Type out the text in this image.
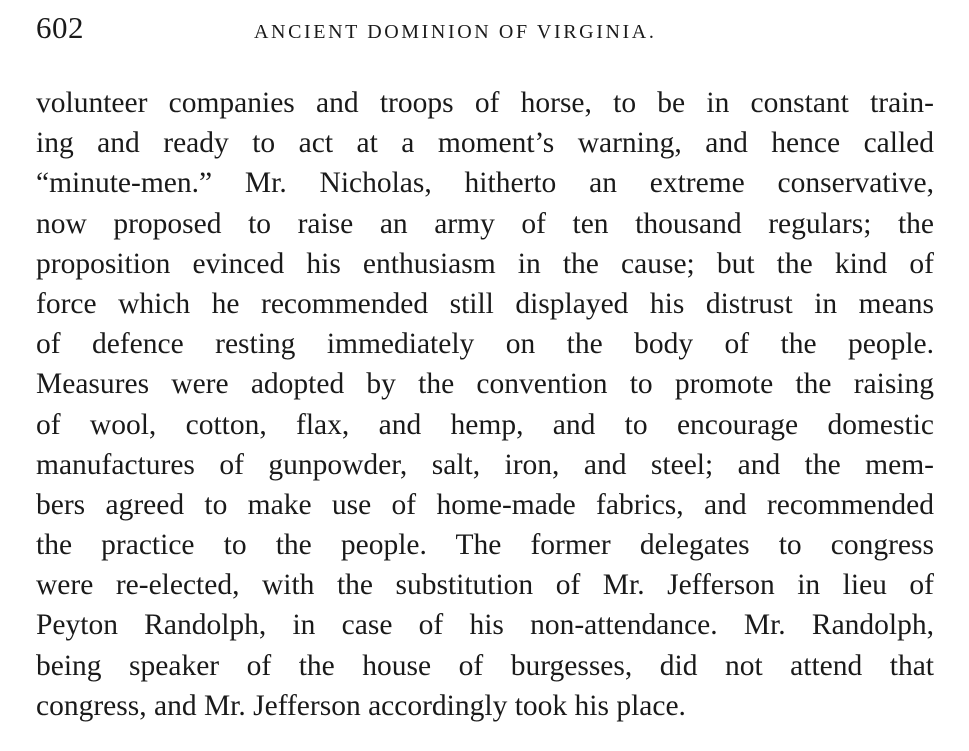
602	ANCIENT DOMINION OF VIRGINIA.
volunteer companies and troops of horse, to be in constant train-
ing and ready to act at a moment’s warning, and hence called
“minute-men.” Mr. Nicholas, hitherto an extreme conservative,
now proposed to raise an army of ten thousand regulars; the
proposition evinced his enthusiasm in the cause; but the kind of
force which he recommended still displayed his distrust in means
of defence resting immediately on the body of the people.
Measures were adopted by the convention to promote the raising
of wool, cotton, flax, and hemp, and to encourage domestic
manufactures of gunpowder, salt, iron, and steel; and the mem-
bers agreed to make use of home-made fabrics, and recommended
the practice to the people. The former delegates to congress
were re-elected, with the substitution of Mr. Jefferson in lieu of
Peyton Randolph, in case of his non-attendance. Mr. Randolph,
being speaker of the house of burgesses, did not attend that
congress, and Mr. Jefferson accordingly took his place.
